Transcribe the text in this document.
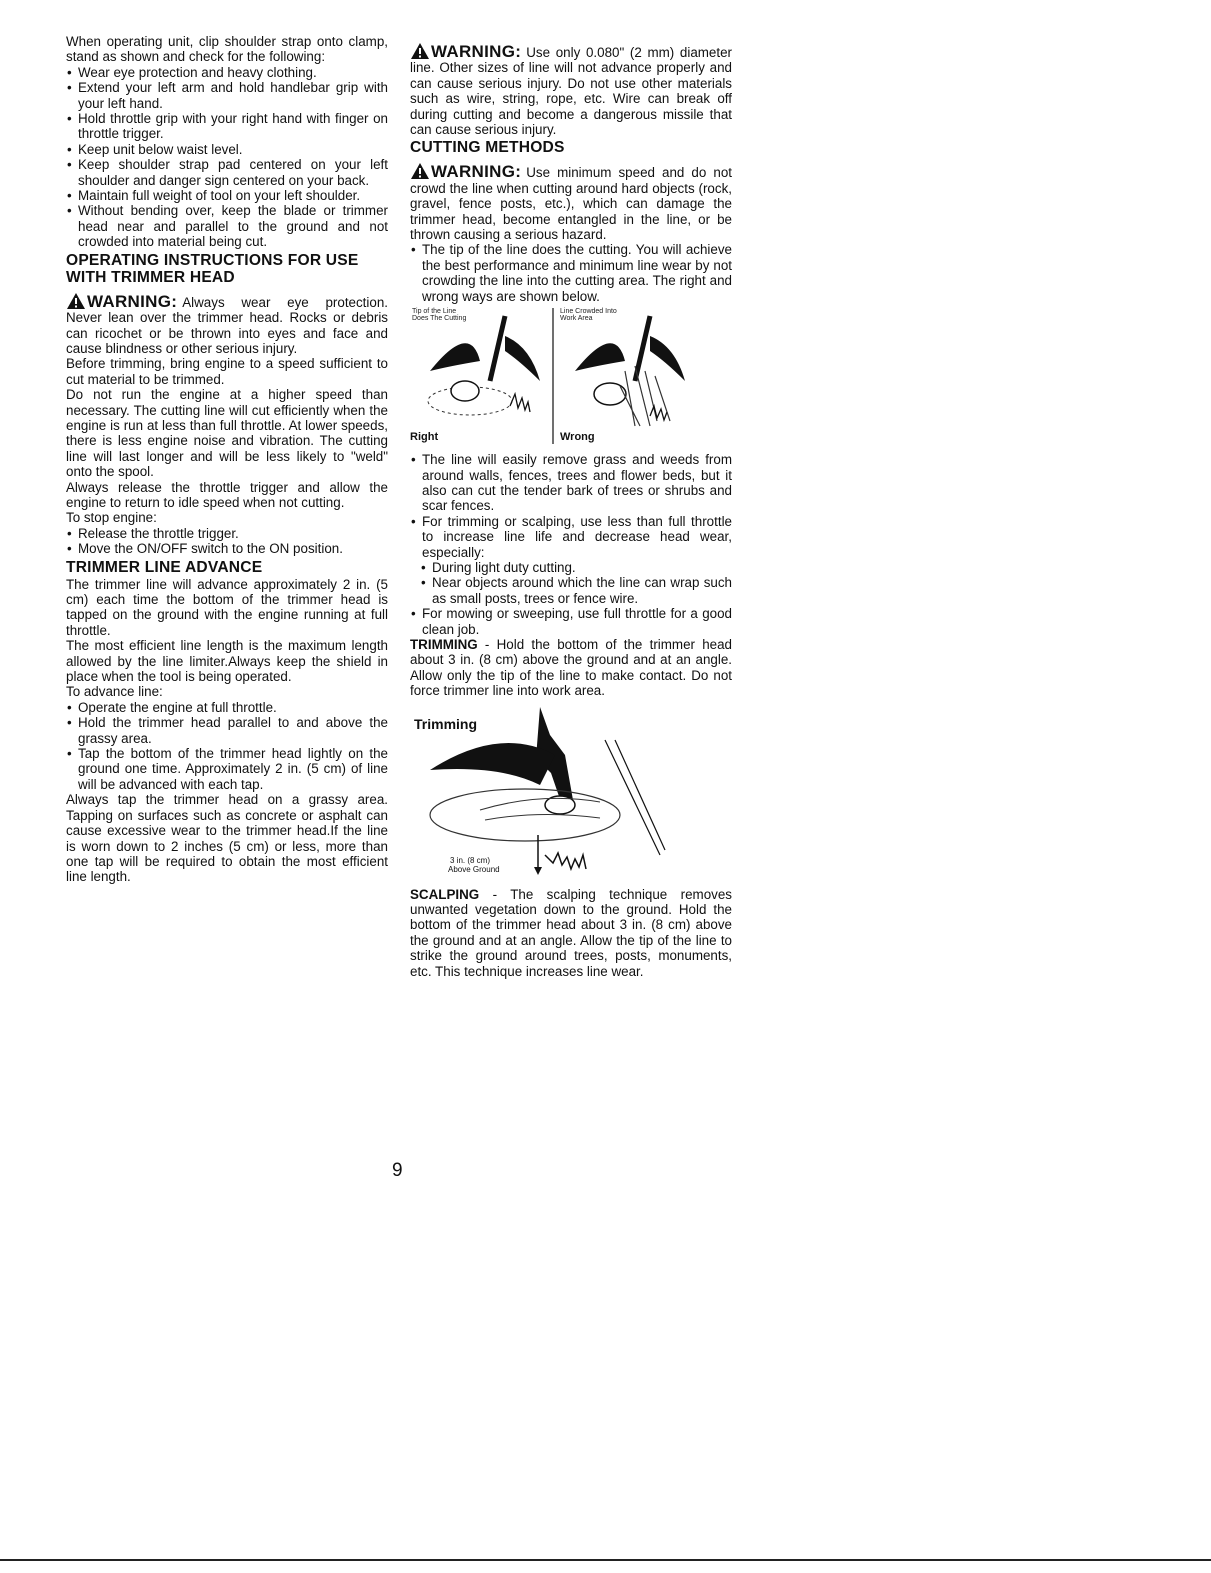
When operating unit, clip shoulder strap onto clamp, stand as shown and check for the following:

• Wear eye protection and heavy clothing.
• Extend your left arm and hold handlebar grip with your left hand.
• Hold throttle grip with your right hand with finger on throttle trigger.
• Keep unit below waist level.
• Keep shoulder strap pad centered on your left shoulder and danger sign centered on your back.
• Maintain full weight of tool on your left shoulder.
• Without bending over, keep the blade or trimmer head near and parallel to the ground and not crowded into material being cut.
OPERATING INSTRUCTIONS FOR USE WITH TRIMMER HEAD

WARNING: Always wear eye protection. Never lean over the trimmer head. Rocks or debris can ricochet or be thrown into eyes and face and cause blindness or other serious injury.

Before trimming, bring engine to a speed sufficient to cut material to be trimmed.

Do not run the engine at a higher speed than necessary. The cutting line will cut efficiently when the engine is run at less than full throttle. At lower speeds, there is less engine noise and vibration. The cutting line will last longer and will be less likely to "weld" onto the spool.

Always release the throttle trigger and allow the engine to return to idle speed when not cutting.

To stop engine:

• Release the throttle trigger.
• Move the ON/OFF switch to the ON position.
TRIMMER LINE ADVANCE

The trimmer line will advance approximately 2 in. (5 cm) each time the bottom of the trimmer head is tapped on the ground with the engine running at full throttle.

The most efficient line length is the maximum length allowed by the line limiter.Always keep the shield in place when the tool is being operated.

To advance line:

• Operate the engine at full throttle.
• Hold the trimmer head parallel to and above the grassy area.
• Tap the bottom of the trimmer head lightly on the ground one time. Approximately 2 in. (5 cm) of line will be advanced with each tap.

Always tap the trimmer head on a grassy area. Tapping on surfaces such as concrete or asphalt can cause excessive wear to the trimmer head.If the line is worn down to 2 inches (5 cm) or less, more than one tap will be required to obtain the most efficient line length.

WARNING: Use only 0.080" (2 mm) diameter line. Other sizes of line will not advance properly and can cause serious injury. Do not use other materials such as wire, string, rope, etc. Wire can break off during cutting and become a dangerous missile that can cause serious injury.

CUTTING METHODS

WARNING: Use minimum speed and do not crowd the line when cutting around hard objects (rock, gravel, fence posts, etc.), which can damage the trimmer head, become entangled in the line, or be thrown causing a serious hazard.

• The tip of the line does the cutting. You will achieve the best performance and minimum line wear by not crowding the line into the cutting area. The right and wrong ways are shown below.
Tip of the Line
Does The Cutting
Line Crowded Into
Work Area
Right	Wrong
• The line will easily remove grass and weeds from around walls, fences, trees and flower beds, but it also can cut the tender bark of trees or shrubs and scar fences.
• For trimming or scalping, use less than full throttle to increase line life and decrease head wear, especially:
• During light duty cutting.
• Near objects around which the line can wrap such as small posts, trees or fence wire.
• For mowing or sweeping, use full throttle for a good clean job.

TRIMMING - Hold the bottom of the trimmer head about 3 in. (8 cm) above the ground and at an angle. Allow only the tip of the line to make contact. Do not force trimmer line into work area.

Trimming
3 in. (8 cm)
Above Ground

SCALPING - The scalping technique removes unwanted vegetation down to the ground. Hold the bottom of the trimmer head about 3 in. (8 cm) above the ground and at an angle. Allow the tip of the line to strike the ground around trees, posts, monuments, etc. This technique increases line wear.

9
